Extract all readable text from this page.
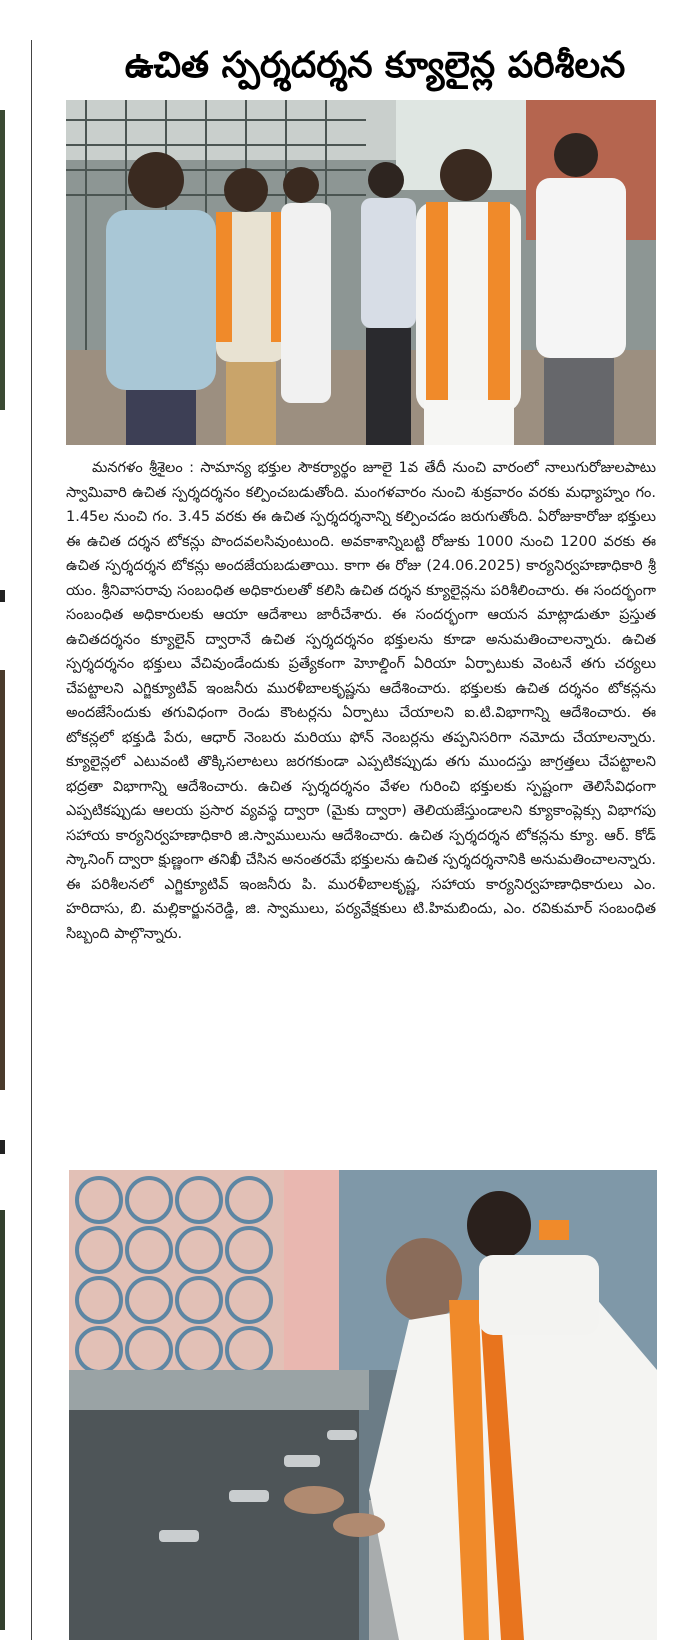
ఉచిత స్పర్శదర్శన క్యూలైన్ల పరిశీలన

మనగళం శ్రీశైలం : సామాన్య భక్తుల సౌకర్యార్థం జూలై 1వ తేదీ నుంచి వారంలో నాలుగురోజులపాటు స్వామివారి ఉచిత స్పర్శదర్శనం కల్పించబడుతోంది. మంగళవారం నుంచి శుక్రవారం వరకు మధ్యాహ్నం గం. 1.45ల నుంచి గం. 3.45 వరకు ఈ ఉచిత స్పర్శదర్శనాన్ని కల్పించడం జరుగుతోంది. ఏరోజుకారోజు భక్తులు ఈ ఉచిత దర్శన టోకన్లు పొందవలసివుంటుంది. అవకాశాన్నిబట్టి రోజుకు 1000 నుంచి 1200 వరకు ఈ ఉచిత స్పర్శదర్శన టోకన్లు అందజేయబడుతాయి. కాగా ఈ రోజు (24.06.2025) కార్యనిర్వహణాధికారి శ్రీ యం. శ్రీనివాసరావు సంబంధిత అధికారులతో కలిసి ఉచిత దర్శన క్యూలైన్లను పరిశీలించారు. ఈ సందర్భంగా సంబంధిత అధికారులకు ఆయా ఆదేశాలు జారీచేశారు. ఈ సందర్భంగా ఆయన మాట్లాడుతూ ప్రస్తుత ఉచితదర్శనం క్యూలైన్ ద్వారానే ఉచిత స్పర్శదర్శనం భక్తులను కూడా అనుమతించాలన్నారు. ఉచిత స్పర్శదర్శనం భక్తులు వేచివుండేందుకు ప్రత్యేకంగా హెూల్డింగ్ ఏరియా ఏర్పాటుకు వెంటనే తగు చర్యలు చేపట్టాలని ఎగ్జిక్యూటివ్ ఇంజనీరు మురళీబాలకృష్ణను ఆదేశించారు. భక్తులకు ఉచిత దర్శనం టోకన్లను అందజేసేందుకు తగువిధంగా రెండు కౌంటర్లను ఏర్పాటు చేయాలని ఐ.టి.విభాగాన్ని ఆదేశించారు. ఈ టోకన్లలో భక్తుడి పేరు, ఆధార్ నెంబరు మరియు ఫోన్ నెంబర్లను తప్పనిసరిగా నమోదు చేయాలన్నారు. క్యూలైన్లలో ఎటువంటి తొక్కిసలాటలు జరగకుండా ఎప్పటికప్పుడు తగు ముందస్తు జాగ్రత్తలు చేపట్టాలని భద్రతా విభాగాన్ని ఆదేశించారు. ఉచిత స్పర్శదర్శనం వేళల గురించి భక్తులకు స్పష్టంగా తెలిసేవిధంగా ఎప్పటికప్పుడు ఆలయ ప్రసార వ్యవస్థ ద్వారా (మైకు ద్వారా) తెలియజేస్తుండాలని క్యూకాంప్లెక్సు విభాగపు సహాయ కార్యనిర్వహణాధికారి జి.స్వాములును ఆదేశించారు. ఉచిత స్పర్శదర్శన టోకన్లను క్యూ. ఆర్. కోడ్ స్కానింగ్ ద్వారా క్షుణ్ణంగా తనిఖీ చేసిన అనంతరమే భక్తులను ఉచిత స్పర్శదర్శనానికి అనుమతించాలన్నారు. ఈ పరిశీలనలో ఎగ్జిక్యూటివ్ ఇంజనీరు పి. మురళీబాలకృష్ణ, సహాయ కార్యనిర్వహణాధికారులు ఎం. హరిదాసు, బి. మల్లికార్జునరెడ్డి, జి. స్వాములు, పర్యవేక్షకులు టి.హిమబిందు, ఎం. రవికుమార్ సంబంధిత సిబ్బంది పాల్గొన్నారు.
